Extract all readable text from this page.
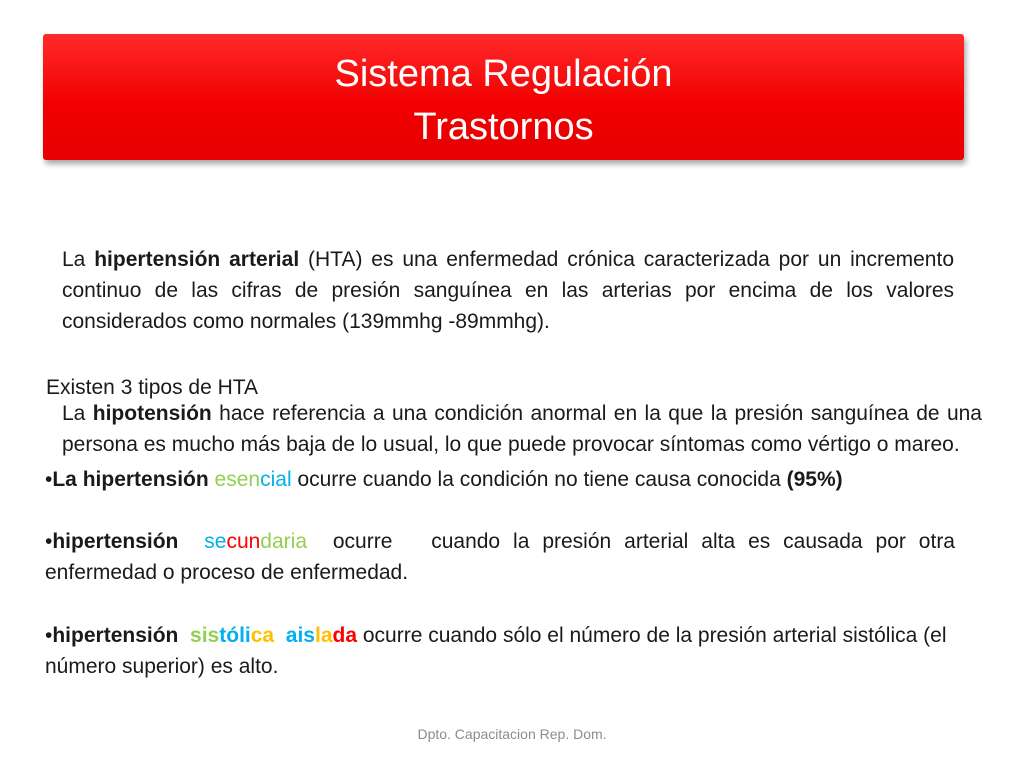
Sistema Regulación
Trastornos

La hipertensión arterial (HTA) es una enfermedad crónica caracterizada por un incremento continuo de las cifras de presión sanguínea en las arterias por encima de los valores considerados como normales (139mmhg -89mmhg).

Existen 3 tipos de HTA

La hipotensión hace referencia a una condición anormal en la que la presión sanguínea de una persona es mucho más baja de lo usual, lo que puede provocar síntomas como vértigo o mareo.

•La hipertensión esencial ocurre cuando la condición no tiene causa conocida (95%)

•hipertensión  secundaria  ocurre   cuando la presión arterial alta es causada por otra enfermedad o proceso de enfermedad.

•hipertensión  sistólica aislada ocurre cuando sólo el número de la presión arterial sistólica (el número superior) es alto.

Dpto. Capacitacion Rep. Dom.
